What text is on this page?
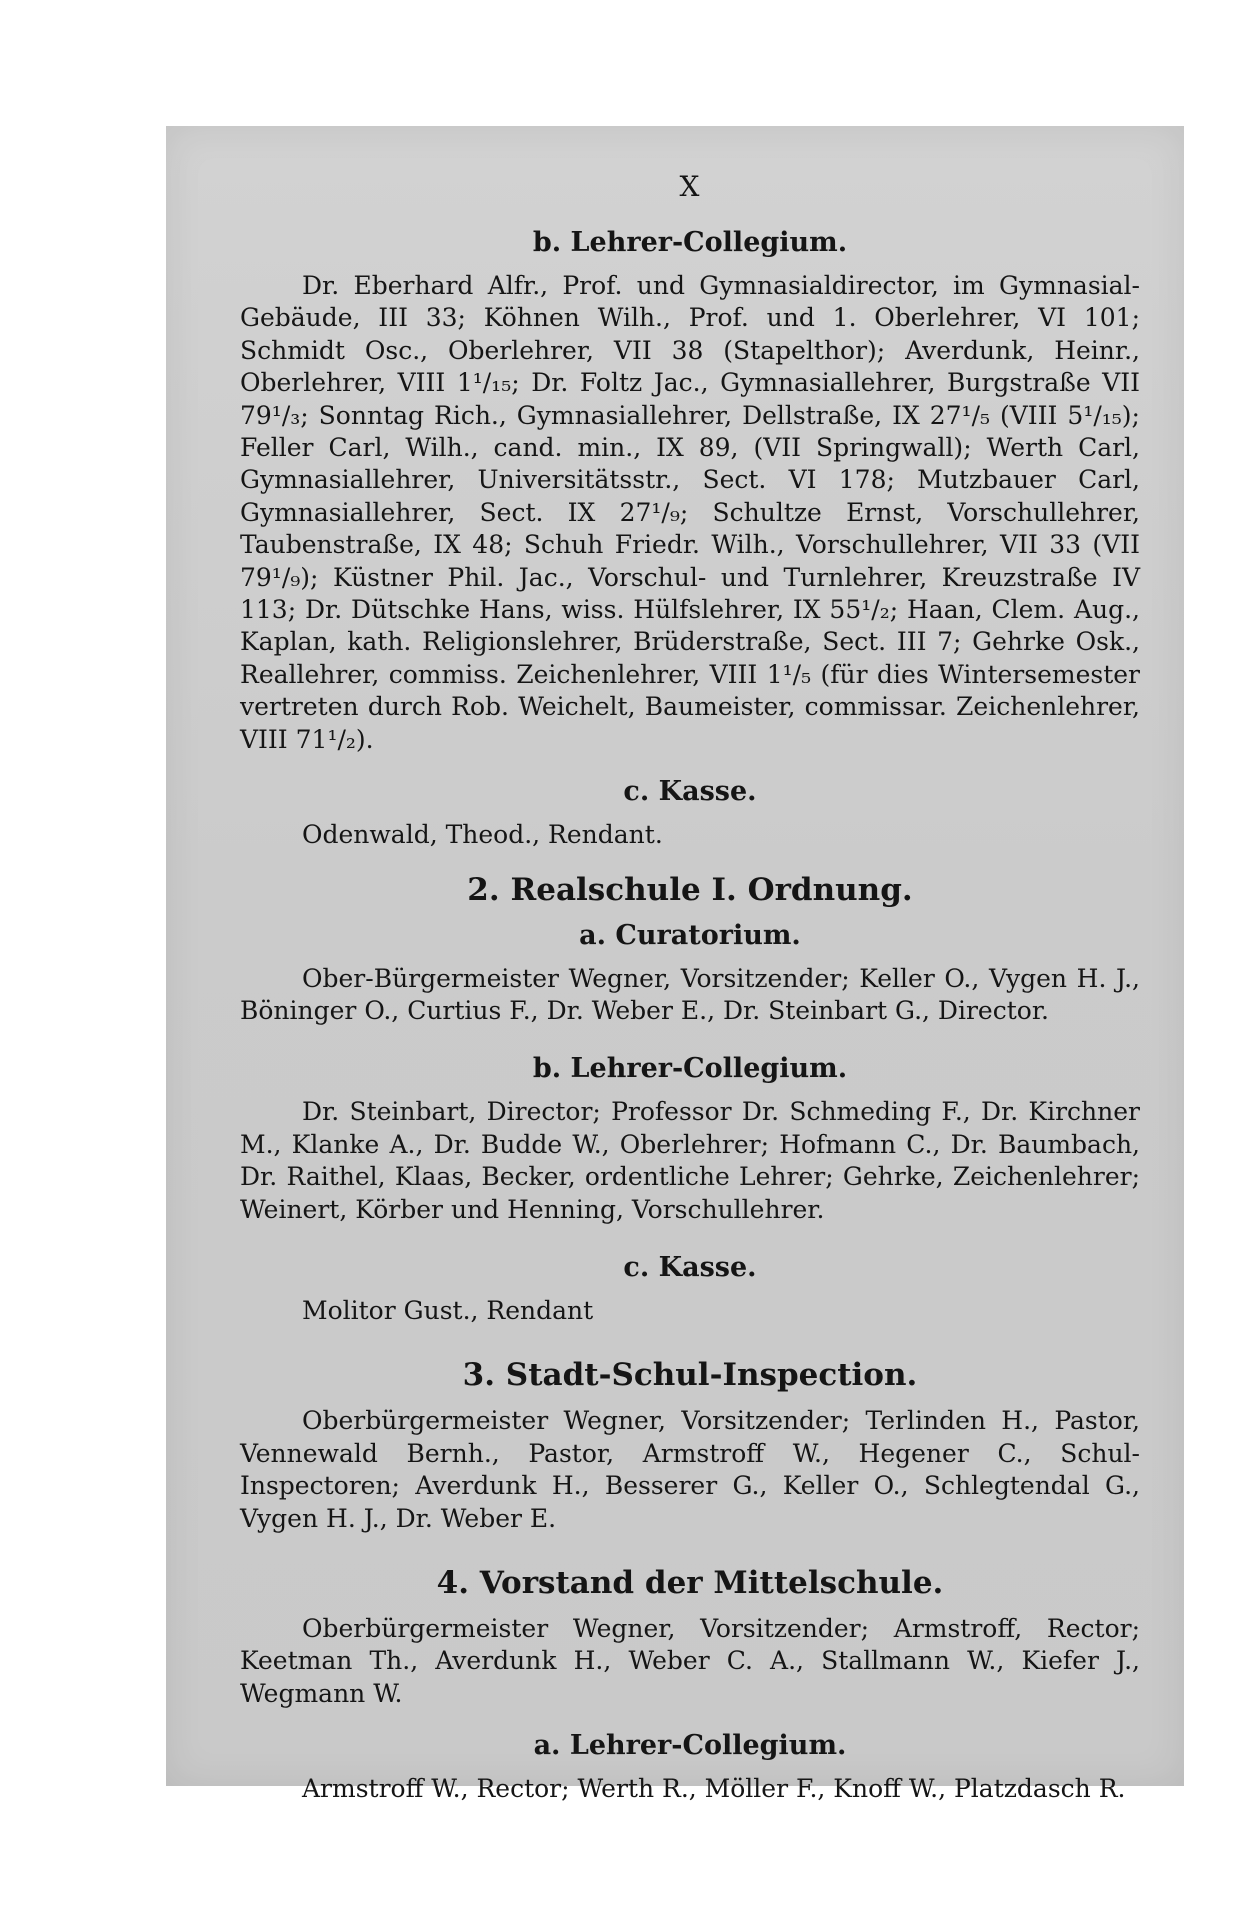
X
b. Lehrer-Collegium.

Dr. Eberhard Alfr., Prof. und Gymnasialdirector, im Gymnasial-Gebäude, III 33; Köhnen Wilh., Prof. und 1. Oberlehrer, VI 101; Schmidt Osc., Oberlehrer, VII 38 (Stapelthor); Averdunk, Heinr., Oberlehrer, VIII 1¹/₁₅; Dr. Foltz Jac., Gymnasiallehrer, Burgstraße VII 79¹/₃; Sonntag Rich., Gymnasiallehrer, Dellstraße, IX 27¹/₅ (VIII 5¹/₁₅); Feller Carl, Wilh., cand. min., IX 89, (VII Springwall); Werth Carl, Gymnasiallehrer, Universitätsstr., Sect. VI 178; Mutzbauer Carl, Gymnasiallehrer, Sect. IX 27¹/₉; Schultze Ernst, Vorschullehrer, Taubenstraße, IX 48; Schuh Friedr. Wilh., Vorschullehrer, VII 33 (VII 79¹/₉); Küstner Phil. Jac., Vorschul- und Turnlehrer, Kreuzstraße IV 113; Dr. Dütschke Hans, wiss. Hülfslehrer, IX 55¹/₂; Haan, Clem. Aug., Kaplan, kath. Religionslehrer, Brüderstraße, Sect. III 7; Gehrke Osk., Reallehrer, commiss. Zeichenlehrer, VIII 1¹/₅ (für dies Wintersemester vertreten durch Rob. Weichelt, Baumeister, commissar. Zeichenlehrer, VIII 71¹/₂).

c. Kasse.

Odenwald, Theod., Rendant.

2. Realschule I. Ordnung.
a. Curatorium.

Ober-Bürgermeister Wegner, Vorsitzender; Keller O., Vygen H. J., Böninger O., Curtius F., Dr. Weber E., Dr. Steinbart G., Director.

b. Lehrer-Collegium.

Dr. Steinbart, Director; Professor Dr. Schmeding F., Dr. Kirchner M., Klanke A., Dr. Budde W., Oberlehrer; Hofmann C., Dr. Baumbach, Dr. Raithel, Klaas, Becker, ordentliche Lehrer; Gehrke, Zeichenlehrer; Weinert, Körber und Henning, Vorschullehrer.

c. Kasse.

Molitor Gust., Rendant

3. Stadt-Schul-Inspection.

Oberbürgermeister Wegner, Vorsitzender; Terlinden H., Pastor, Vennewald Bernh., Pastor, Armstroff W., Hegener C., Schul-Inspectoren; Averdunk H., Besserer G., Keller O., Schlegtendal G., Vygen H. J., Dr. Weber E.

4. Vorstand der Mittelschule.

Oberbürgermeister Wegner, Vorsitzender; Armstroff, Rector; Keetman Th., Averdunk H., Weber C. A., Stallmann W., Kiefer J., Wegmann W.

a. Lehrer-Collegium.

Armstroff W., Rector; Werth R., Möller F., Knoff W., Platzdasch R.
